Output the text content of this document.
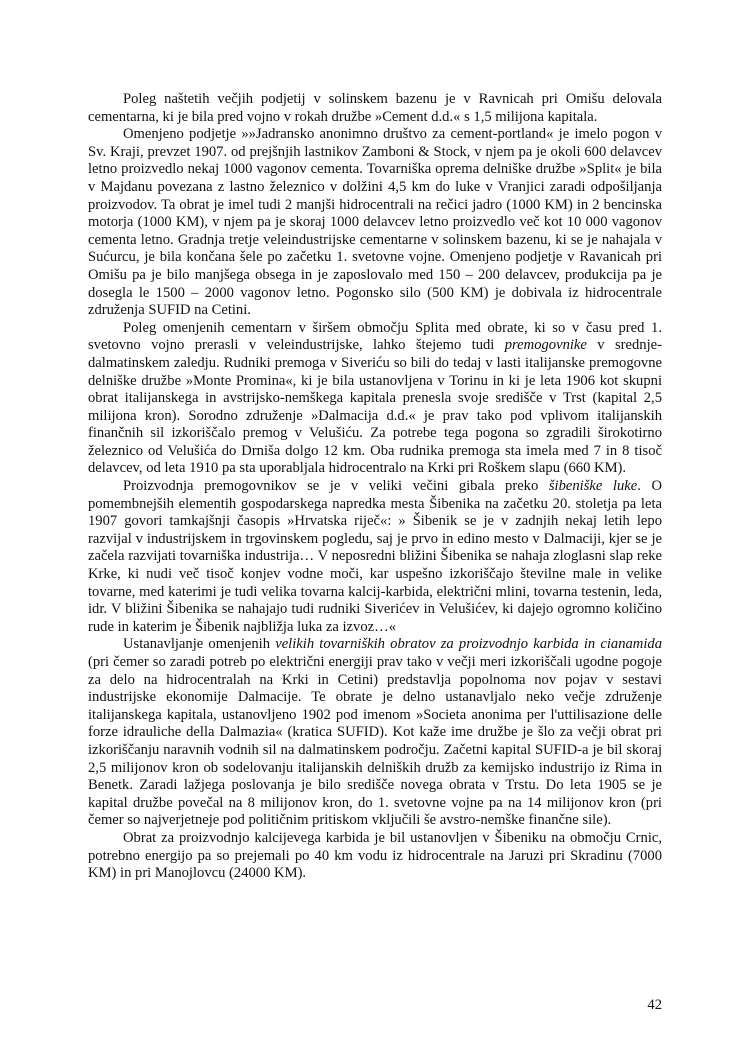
Poleg naštetih večjih podjetij v solinskem bazenu je v Ravnicah pri Omišu delovala cementarna, ki je bila pred vojno v rokah družbe »Cement d.d.« s 1,5 milijona kapitala.

Omenjeno podjetje »»Jadransko anonimno društvo za cement-portland« je imelo pogon v Sv. Kraji, prevzet 1907. od prejšnjih lastnikov Zamboni & Stock, v njem pa je okoli 600 delavcev letno proizvedlo nekaj 1000 vagonov cementa. Tovarniška oprema delniške družbe »Split« je bila v Majdanu povezana z lastno železnico v dolžini 4,5 km do luke v Vranjici zaradi odpošiljanja proizvodov. Ta obrat je imel tudi 2 manjši hidrocentrali na rečici jadro (1000 KM) in 2 bencinska motorja (1000 KM), v njem pa je skoraj 1000 delavcev letno proizvedlo več kot 10 000 vagonov cementa letno. Gradnja tretje veleindustrijske cementarne v solinskem bazenu, ki se je nahajala v Sućurcu, je bila končana šele po začetku 1. svetovne vojne. Omenjeno podjetje v Ravanicah pri Omišu pa je bilo manjšega obsega in je zaposlovalo med 150 – 200 delavcev, produkcija pa je dosegla le 1500 – 2000 vagonov letno. Pogonsko silo (500 KM) je dobivala iz hidrocentrale združenja SUFID na Cetini.

Poleg omenjenih cementarn v širšem območju Splita med obrate, ki so v času pred 1. svetovno vojno prerasli v veleindustrijske, lahko štejemo tudi premogovnike v srednje-dalmatinskem zaledju. Rudniki premoga v Siveriću so bili do tedaj v lasti italijanske premogovne delniške družbe »Monte Promina«, ki je bila ustanovljena v Torinu in ki je leta 1906 kot skupni obrat italijanskega in avstrijsko-nemškega kapitala prenesla svoje središče v Trst (kapital 2,5 milijona kron). Sorodno združenje »Dalmacija d.d.« je prav tako pod vplivom italijanskih finančnih sil izkoriščalo premog v Velušiću. Za potrebe tega pogona so zgradili širokotirno železnico od Velušića do Drniša dolgo 12 km. Oba rudnika premoga sta imela med 7 in 8 tisoč delavcev, od leta 1910 pa sta uporabljala hidrocentralo na Krki pri Roškem slapu (660 KM).

Proizvodnja premogovnikov se je v veliki večini gibala preko šibeniške luke. O pomembnejših elementih gospodarskega napredka mesta Šibenika na začetku 20. stoletja pa leta 1907 govori tamkajšnji časopis »Hrvatska riječ«: » Šibenik se je v zadnjih nekaj letih lepo razvijal v industrijskem in trgovinskem pogledu, saj je prvo in edino mesto v Dalmaciji, kjer se je začela razvijati tovarniška industrija… V neposredni bližini Šibenika se nahaja zloglasni slap reke Krke, ki nudi več tisoč konjev vodne moči, kar uspešno izkoriščajo številne male in velike tovarne, med katerimi je tudi velika tovarna kalcij-karbida, električni mlini, tovarna testenin, leda, idr. V bližini Šibenika se nahajajo tudi rudniki Siverićev in Velušićev, ki dajejo ogromno količino rude in katerim je Šibenik najbližja luka za izvoz…«

Ustanavljanje omenjenih velikih tovarniških obratov za proizvodnjo karbida in cianamida (pri čemer so zaradi potreb po električni energiji prav tako v večji meri izkoriščali ugodne pogoje za delo na hidrocentralah na Krki in Cetini) predstavlja popolnoma nov pojav v sestavi industrijske ekonomije Dalmacije. Te obrate je delno ustanavljalo neko večje združenje italijanskega kapitala, ustanovljeno 1902 pod imenom »Societa anonima per l'uttilisazione delle forze idrauliche della Dalmazia« (kratica SUFID). Kot kaže ime družbe je šlo za večji obrat pri izkoriščanju naravnih vodnih sil na dalmatinskem področju. Začetni kapital SUFID-a je bil skoraj 2,5 milijonov kron ob sodelovanju italijanskih delniških družb za kemijsko industrijo iz Rima in Benetk. Zaradi lažjega poslovanja je bilo središče novega obrata v Trstu. Do leta 1905 se je kapital družbe povečal na 8 milijonov kron, do 1. svetovne vojne pa na 14 milijonov kron (pri čemer so najverjetneje pod političnim pritiskom vključili še avstro-nemške finančne sile).

Obrat za proizvodnjo kalcijevega karbida je bil ustanovljen v Šibeniku na območju Crnic, potrebno energijo pa so prejemali po 40 km vodu iz hidrocentrale na Jaruzi pri Skradinu (7000 KM) in pri Manojlovcu (24000 KM).

42
